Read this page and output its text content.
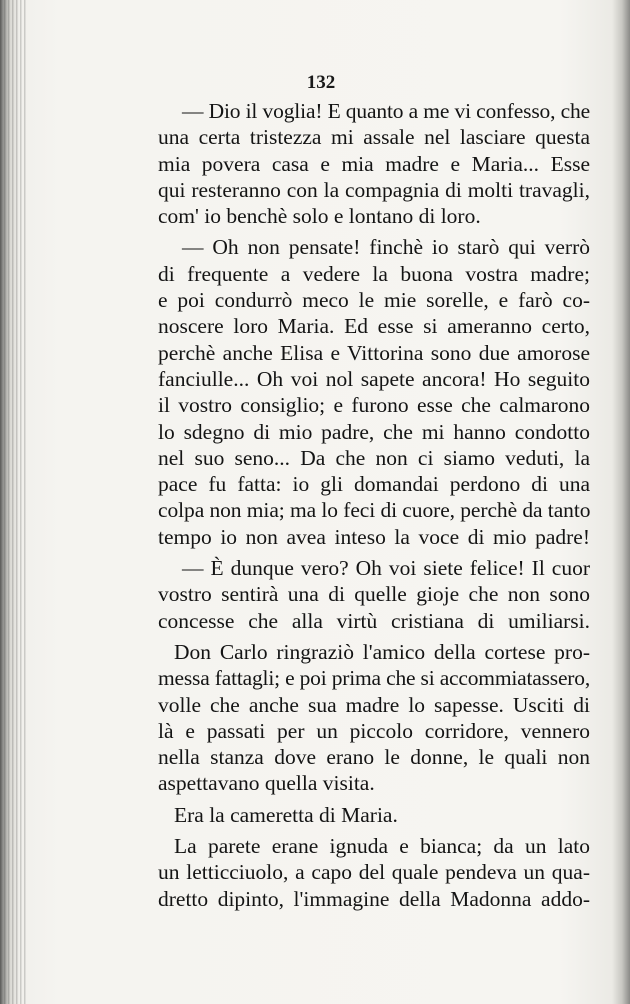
132
— Dio il voglia! E quanto a me vi confesso, che
una certa tristezza mi assale nel lasciare questa
mia povera casa e mia madre e Maria... Esse
qui resteranno con la compagnia di molti travagli,
com' io benchè solo e lontano di loro.
— Oh non pensate! finchè io starò qui verrò
di frequente a vedere la buona vostra madre;
e poi condurrò meco le mie sorelle, e farò co-
noscere loro Maria. Ed esse si ameranno certo,
perchè anche Elisa e Vittorina sono due amorose
fanciulle... Oh voi nol sapete ancora! Ho seguito
il vostro consiglio; e furono esse che calmarono
lo sdegno di mio padre, che mi hanno condotto
nel suo seno... Da che non ci siamo veduti, la
pace fu fatta: io gli domandai perdono di una
colpa non mia; ma lo feci di cuore, perchè da tanto
tempo io non avea inteso la voce di mio padre!
— È dunque vero? Oh voi siete felice! Il cuor
vostro sentirà una di quelle gioje che non sono
concesse che alla virtù cristiana di umiliarsi.
Don Carlo ringraziò l'amico della cortese pro-
messa fattagli; e poi prima che si accommiatassero,
volle che anche sua madre lo sapesse. Usciti di
là e passati per un piccolo corridore, vennero
nella stanza dove erano le donne, le quali non
aspettavano quella visita.
Era la cameretta di Maria.
La parete erane ignuda e bianca; da un lato
un letticciuolo, a capo del quale pendeva un qua-
dretto dipinto, l'immagine della Madonna addo-
